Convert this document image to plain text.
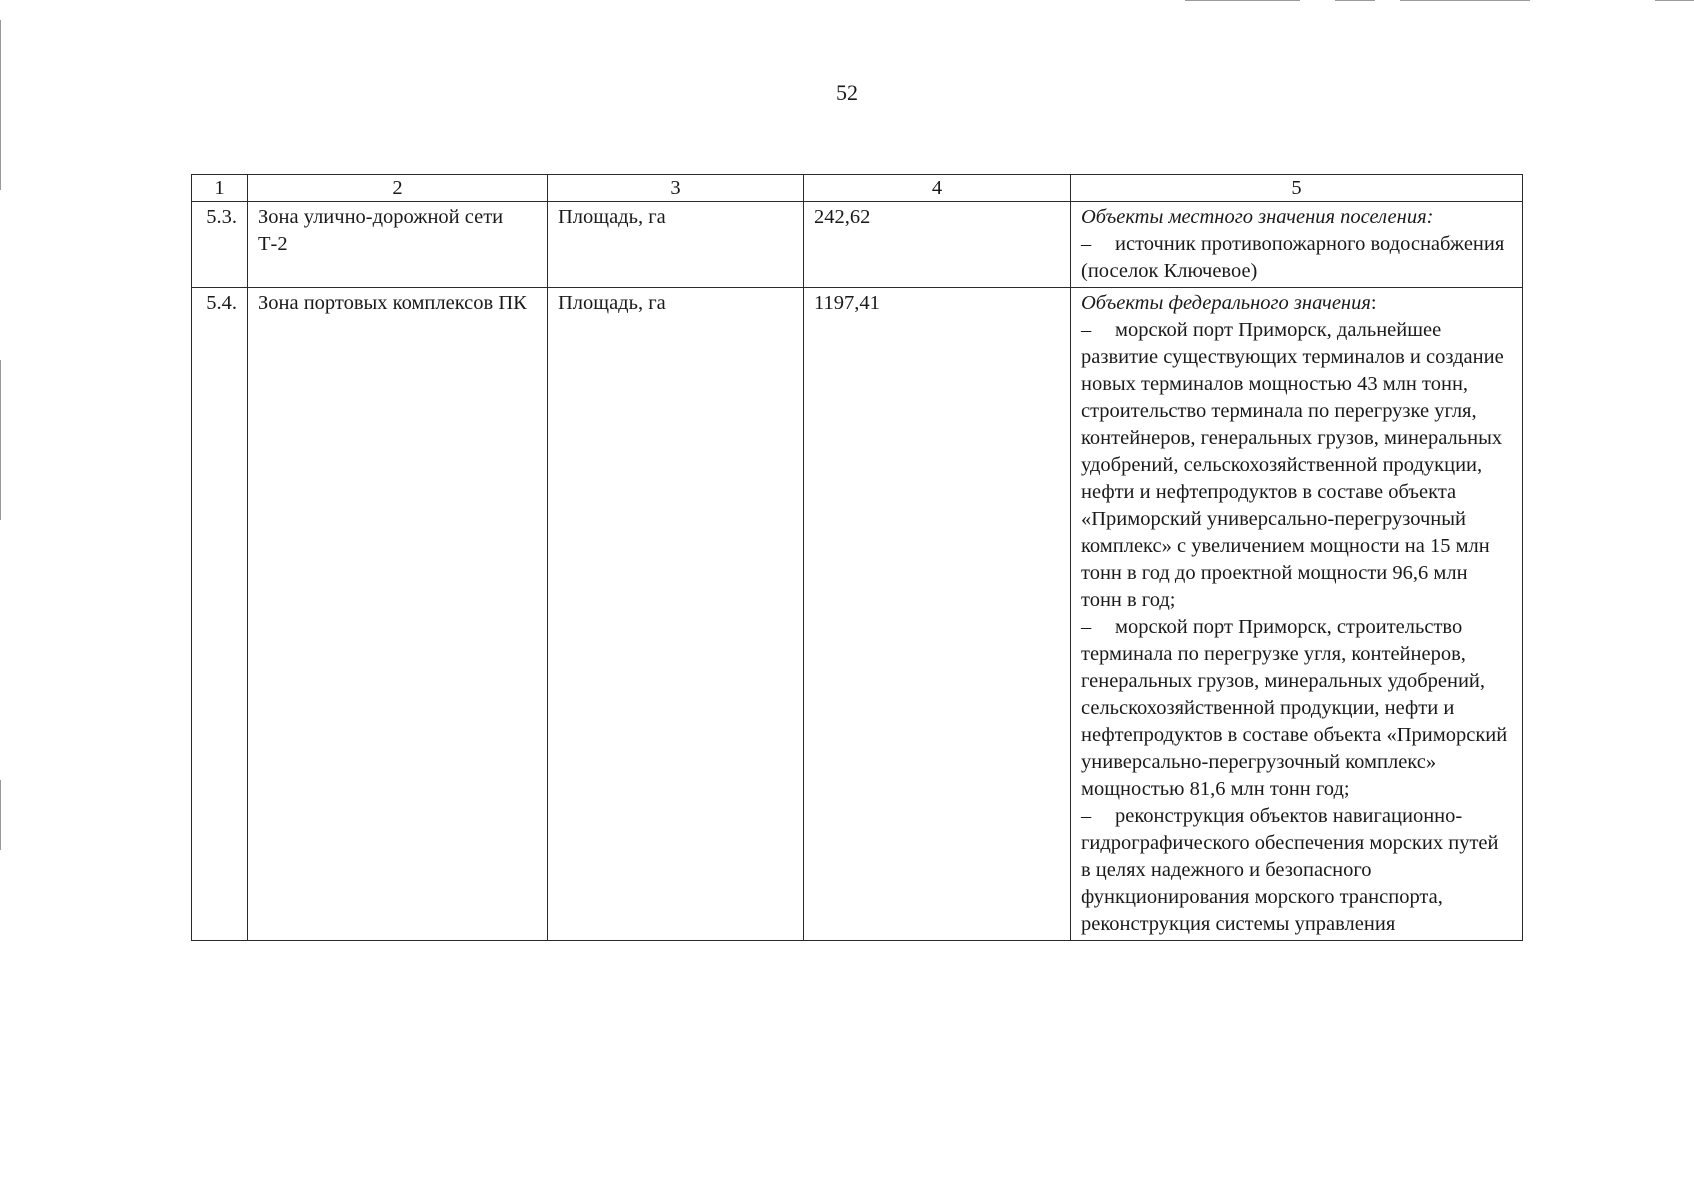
52
1	2	3	4	5
5.3.	Зона улично-дорожной сети Т-2	Площадь, га	242,62	Объекты местного значения поселения:
– источник противопожарного водоснабжения (поселок Ключевое)

5.4.	Зона портовых комплексов ПК	Площадь, га	1197,41	Объекты федерального значения:
– морской порт Приморск, дальнейшее развитие существующих терминалов и создание новых терминалов мощностью 43 млн тонн, строительство терминала по перегрузке угля, контейнеров, генеральных грузов, минеральных удобрений, сельскохозяйственной продукции, нефти и нефтепродуктов в составе объекта «Приморский универсально-перегрузочный комплекс» с увеличением мощности на 15 млн тонн в год до проектной мощности 96,6 млн тонн в год;
– морской порт Приморск, строительство терминала по перегрузке угля, контейнеров, генеральных грузов, минеральных удобрений, сельскохозяйственной продукции, нефти и нефтепродуктов в составе объекта «Приморский универсально-перегрузочный комплекс» мощностью 81,6 млн тонн год;
– реконструкция объектов навигационно-гидрографического обеспечения морских путей в целях надежного и безопасного функционирования морского транспорта, реконструкция системы управления
